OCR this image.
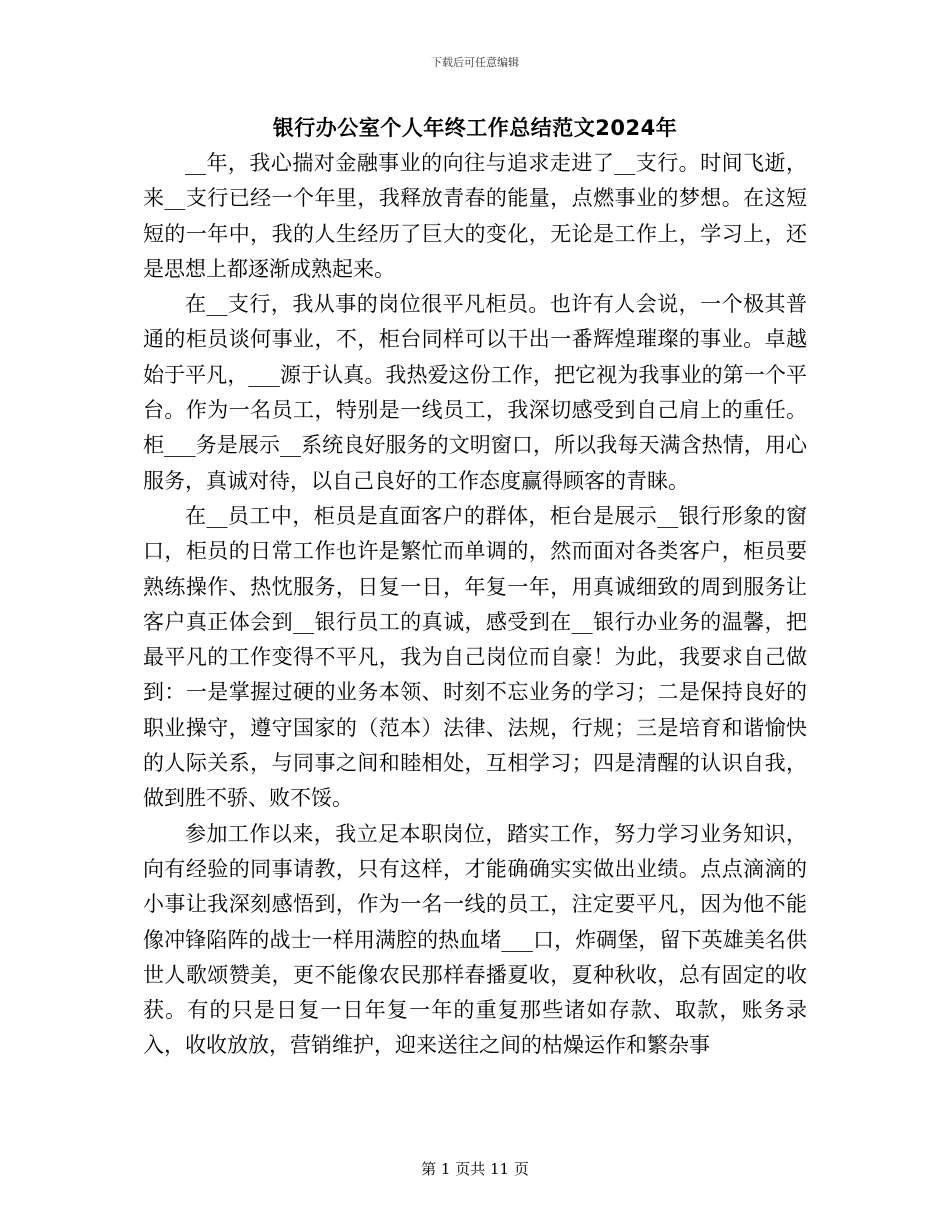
下载后可任意编辑
银行办公室个人年终工作总结范文2024年

__年，我心揣对金融事业的向往与追求走进了__支行。时间飞逝，来__支行已经一个年里，我释放青春的能量，点燃事业的梦想。在这短短的一年中，我的人生经历了巨大的变化，无论是工作上，学习上，还是思想上都逐渐成熟起来。

在__支行，我从事的岗位很平凡柜员。也许有人会说，一个极其普通的柜员谈何事业，不，柜台同样可以干出一番辉煌璀璨的事业。卓越始于平凡，___源于认真。我热爱这份工作，把它视为我事业的第一个平台。作为一名员工，特别是一线员工，我深切感受到自己肩上的重任。柜___务是展示__系统良好服务的文明窗口，所以我每天满含热情，用心服务，真诚对待，以自己良好的工作态度赢得顾客的青睐。

在__员工中，柜员是直面客户的群体，柜台是展示__银行形象的窗口，柜员的日常工作也许是繁忙而单调的，然而面对各类客户，柜员要熟练操作、热忱服务，日复一日，年复一年，用真诚细致的周到服务让客户真正体会到__银行员工的真诚，感受到在__银行办业务的温馨，把最平凡的工作变得不平凡，我为自己岗位而自豪！为此，我要求自己做到：一是掌握过硬的业务本领、时刻不忘业务的学习；二是保持良好的职业操守，遵守国家的（范本）法律、法规，行规；三是培育和谐愉快的人际关系，与同事之间和睦相处，互相学习；四是清醒的认识自我，做到胜不骄、败不馁。

参加工作以来，我立足本职岗位，踏实工作，努力学习业务知识，向有经验的同事请教，只有这样，才能确确实实做出业绩。点点滴滴的小事让我深刻感悟到，作为一名一线的员工，注定要平凡，因为他不能像冲锋陷阵的战士一样用满腔的热血堵___口，炸碉堡，留下英雄美名供世人歌颂赞美，更不能像农民那样春播夏收，夏种秋收，总有固定的收获。有的只是日复一日年复一年的重复那些诸如存款、取款，账务录入，收收放放，营销维护，迎来送往之间的枯燥运作和繁杂事

第 1 页共 11 页
